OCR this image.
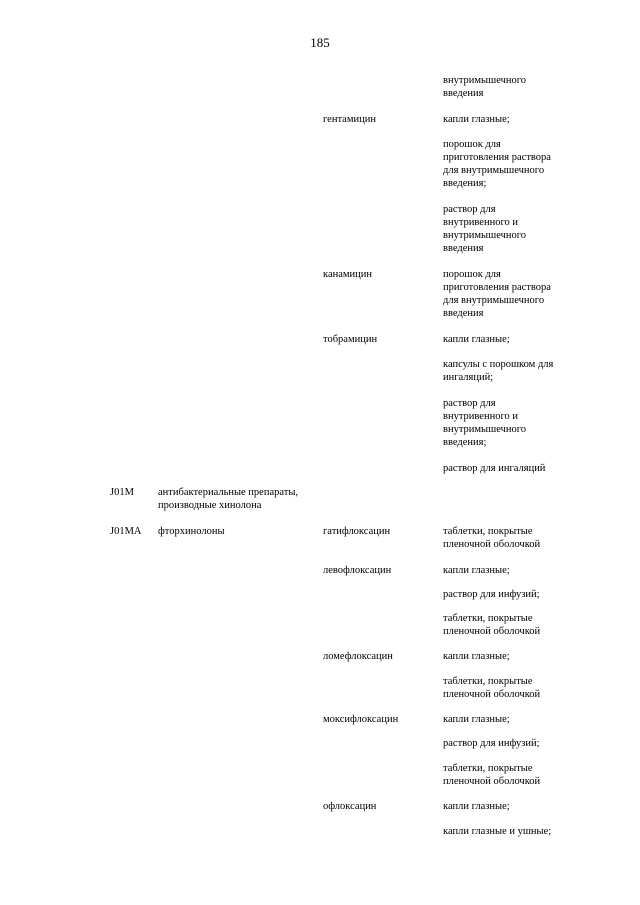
185
внутримышечного
введения
гентамицин	капли глазные;
порошок для
приготовления раствора
для внутримышечного
введения;
раствор для
внутривенного и
внутримышечного
введения
канамицин	порошок для
приготовления раствора
для внутримышечного
введения
тобрамицин	капли глазные;
капсулы с порошком для
ингаляций;
раствор для
внутривенного и
внутримышечного
введения;
раствор для ингаляций
J01M антибактериальные препараты,
производные хинолона
J01MA фторхинолоны	гатифлоксацин	таблетки, покрытые
пленочной оболочкой
левофлоксацин	капли глазные;
раствор для инфузий;
таблетки, покрытые
пленочной оболочкой
ломефлоксацин	капли глазные;
таблетки, покрытые
пленочной оболочкой
моксифлоксацин	капли глазные;
раствор для инфузий;
таблетки, покрытые
пленочной оболочкой
офлоксацин	капли глазные;
капли глазные и ушные;
